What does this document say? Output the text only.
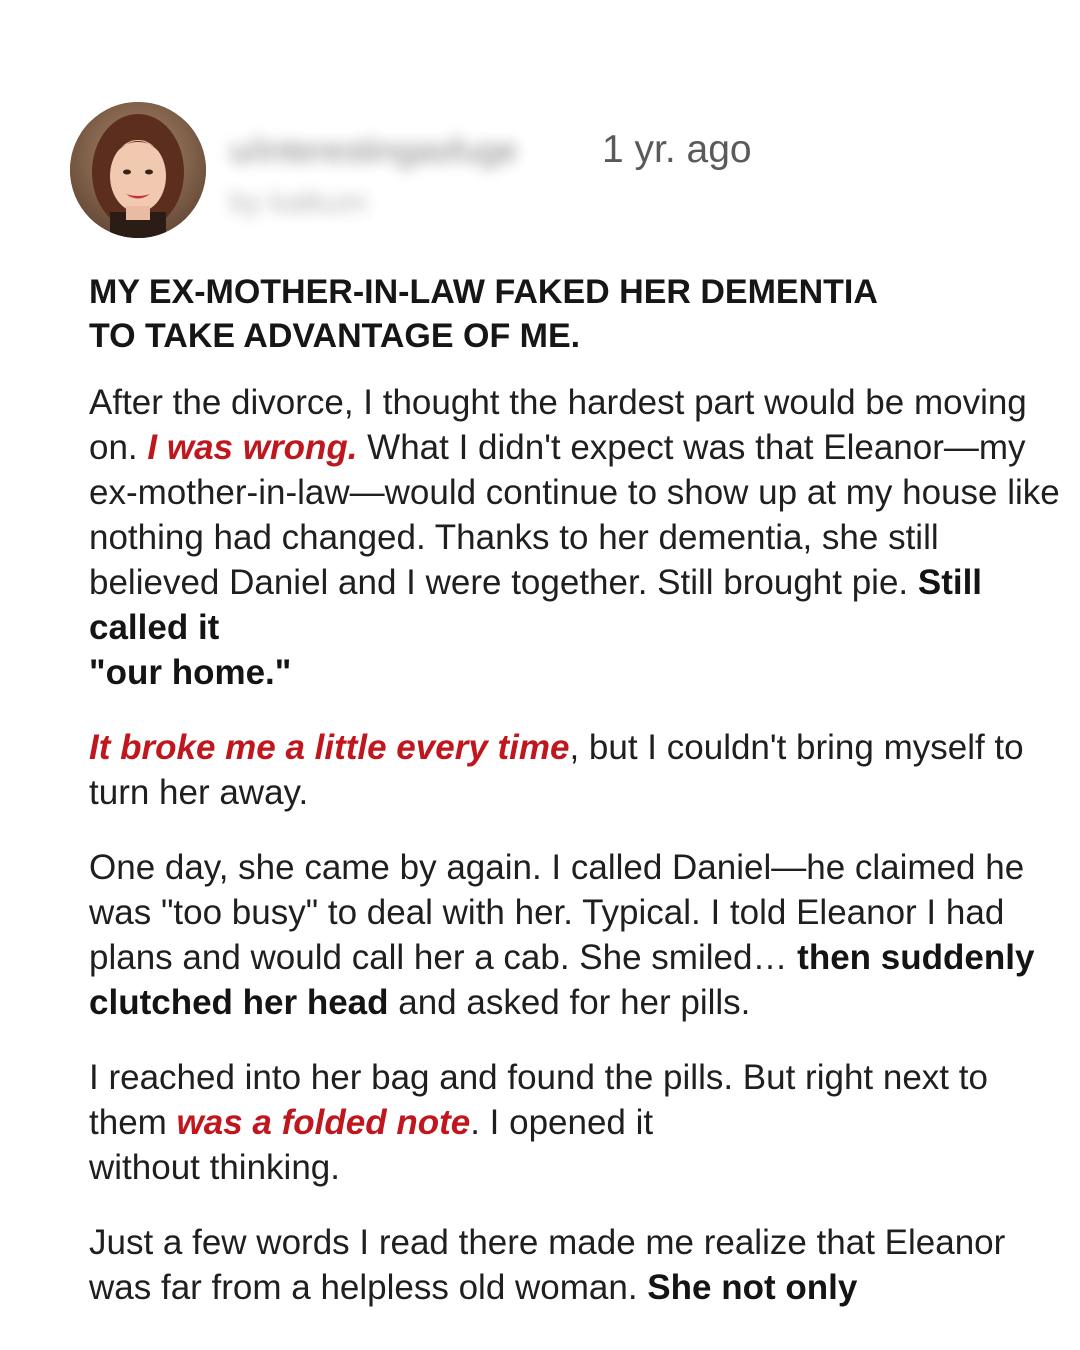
u/interestingasfuge
by katkum
1 yr. ago
MY EX-MOTHER-IN-LAW FAKED HER DEMENTIA
TO TAKE ADVANTAGE OF ME.
After the divorce, I thought the hardest part would be moving on. I was wrong. What I didn't expect was that Eleanor—my ex-mother-in-law—would continue to show up at my house like nothing had changed. Thanks to her dementia, she still believed Daniel and I were together. Still brought pie. Still called it
"our home."
It broke me a little every time, but I couldn't bring myself to turn her away.
One day, she came by again. I called Daniel—he claimed he was "too busy" to deal with her. Typical. I told Eleanor I had plans and would call her a cab. She smiled… then suddenly clutched her head and asked for her pills.
I reached into her bag and found the pills. But right next to them was a folded note. I opened it
without thinking.
Just a few words I read there made me realize that Eleanor was far from a helpless old woman. She not only
